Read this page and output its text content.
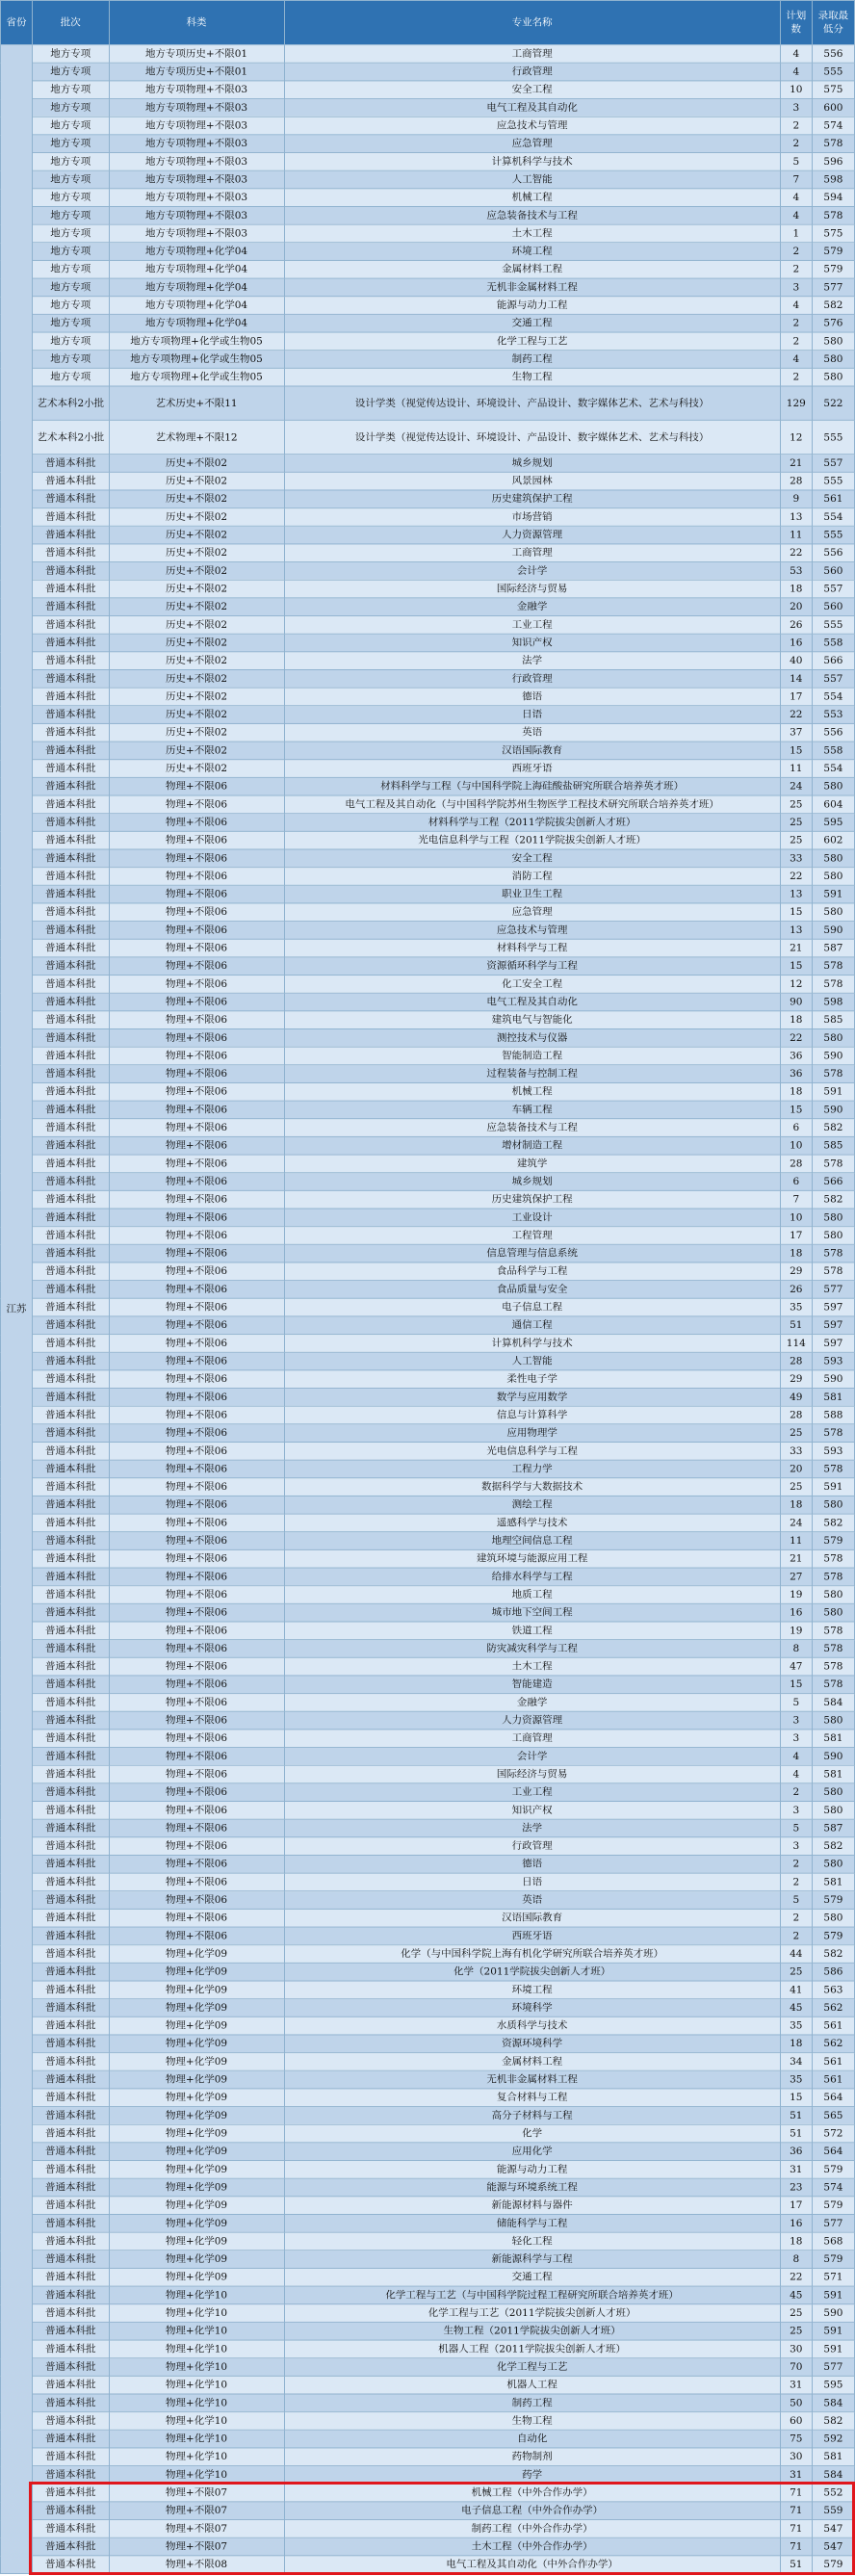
省份	批次	科类	专业名称	计划数	录取最低分
江苏	地方专项	地方专项历史+不限01	工商管理	4	556
	地方专项	地方专项历史+不限01	行政管理	4	555
	地方专项	地方专项物理+不限03	安全工程	10	575
	地方专项	地方专项物理+不限03	电气工程及其自动化	3	600
	地方专项	地方专项物理+不限03	应急技术与管理	2	574
	地方专项	地方专项物理+不限03	应急管理	2	578
	地方专项	地方专项物理+不限03	计算机科学与技术	5	596
	地方专项	地方专项物理+不限03	人工智能	7	598
	地方专项	地方专项物理+不限03	机械工程	4	594
	地方专项	地方专项物理+不限03	应急装备技术与工程	4	578
	地方专项	地方专项物理+不限03	土木工程	1	575
	地方专项	地方专项物理+化学04	环境工程	2	579
	地方专项	地方专项物理+化学04	金属材料工程	2	579
	地方专项	地方专项物理+化学04	无机非金属材料工程	3	577
	地方专项	地方专项物理+化学04	能源与动力工程	4	582
	地方专项	地方专项物理+化学04	交通工程	2	576
	地方专项	地方专项物理+化学或生物05	化学工程与工艺	2	580
	地方专项	地方专项物理+化学或生物05	制药工程	4	580
	地方专项	地方专项物理+化学或生物05	生物工程	2	580
	艺术本科2小批	艺术历史+不限11	设计学类（视觉传达设计、环境设计、产品设计、数字媒体艺术、艺术与科技）	129	522
	艺术本科2小批	艺术物理+不限12	设计学类（视觉传达设计、环境设计、产品设计、数字媒体艺术、艺术与科技）	12	555
	普通本科批	历史+不限02	城乡规划	21	557
	普通本科批	历史+不限02	风景园林	28	555
	普通本科批	历史+不限02	历史建筑保护工程	9	561
	普通本科批	历史+不限02	市场营销	13	554
	普通本科批	历史+不限02	人力资源管理	11	555
	普通本科批	历史+不限02	工商管理	22	556
	普通本科批	历史+不限02	会计学	53	560
	普通本科批	历史+不限02	国际经济与贸易	18	557
	普通本科批	历史+不限02	金融学	20	560
	普通本科批	历史+不限02	工业工程	26	555
	普通本科批	历史+不限02	知识产权	16	558
	普通本科批	历史+不限02	法学	40	566
	普通本科批	历史+不限02	行政管理	14	557
	普通本科批	历史+不限02	德语	17	554
	普通本科批	历史+不限02	日语	22	553
	普通本科批	历史+不限02	英语	37	556
	普通本科批	历史+不限02	汉语国际教育	15	558
	普通本科批	历史+不限02	西班牙语	11	554
	普通本科批	物理+不限06	材料科学与工程（与中国科学院上海硅酸盐研究所联合培养英才班）	24	580
	普通本科批	物理+不限06	电气工程及其自动化（与中国科学院苏州生物医学工程技术研究所联合培养英才班）	25	604
	普通本科批	物理+不限06	材料科学与工程（2011学院拔尖创新人才班）	25	595
	普通本科批	物理+不限06	光电信息科学与工程（2011学院拔尖创新人才班）	25	602
	普通本科批	物理+不限06	安全工程	33	580
	普通本科批	物理+不限06	消防工程	22	580
	普通本科批	物理+不限06	职业卫生工程	13	591
	普通本科批	物理+不限06	应急管理	15	580
	普通本科批	物理+不限06	应急技术与管理	13	590
	普通本科批	物理+不限06	材料科学与工程	21	587
	普通本科批	物理+不限06	资源循环科学与工程	15	578
	普通本科批	物理+不限06	化工安全工程	12	578
	普通本科批	物理+不限06	电气工程及其自动化	90	598
	普通本科批	物理+不限06	建筑电气与智能化	18	585
	普通本科批	物理+不限06	测控技术与仪器	22	580
	普通本科批	物理+不限06	智能制造工程	36	590
	普通本科批	物理+不限06	过程装备与控制工程	36	578
	普通本科批	物理+不限06	机械工程	18	591
	普通本科批	物理+不限06	车辆工程	15	590
	普通本科批	物理+不限06	应急装备技术与工程	6	582
	普通本科批	物理+不限06	增材制造工程	10	585
	普通本科批	物理+不限06	建筑学	28	578
	普通本科批	物理+不限06	城乡规划	6	566
	普通本科批	物理+不限06	历史建筑保护工程	7	582
	普通本科批	物理+不限06	工业设计	10	580
	普通本科批	物理+不限06	工程管理	17	580
	普通本科批	物理+不限06	信息管理与信息系统	18	578
	普通本科批	物理+不限06	食品科学与工程	29	578
	普通本科批	物理+不限06	食品质量与安全	26	577
	普通本科批	物理+不限06	电子信息工程	35	597
	普通本科批	物理+不限06	通信工程	51	597
	普通本科批	物理+不限06	计算机科学与技术	114	597
	普通本科批	物理+不限06	人工智能	28	593
	普通本科批	物理+不限06	柔性电子学	29	590
	普通本科批	物理+不限06	数学与应用数学	49	581
	普通本科批	物理+不限06	信息与计算科学	28	588
	普通本科批	物理+不限06	应用物理学	25	578
	普通本科批	物理+不限06	光电信息科学与工程	33	593
	普通本科批	物理+不限06	工程力学	20	578
	普通本科批	物理+不限06	数据科学与大数据技术	25	591
	普通本科批	物理+不限06	测绘工程	18	580
	普通本科批	物理+不限06	遥感科学与技术	24	582
	普通本科批	物理+不限06	地理空间信息工程	11	579
	普通本科批	物理+不限06	建筑环境与能源应用工程	21	578
	普通本科批	物理+不限06	给排水科学与工程	27	578
	普通本科批	物理+不限06	地质工程	19	580
	普通本科批	物理+不限06	城市地下空间工程	16	580
	普通本科批	物理+不限06	铁道工程	19	578
	普通本科批	物理+不限06	防灾减灾科学与工程	8	578
	普通本科批	物理+不限06	土木工程	47	578
	普通本科批	物理+不限06	智能建造	15	578
	普通本科批	物理+不限06	金融学	5	584
	普通本科批	物理+不限06	人力资源管理	3	580
	普通本科批	物理+不限06	工商管理	3	581
	普通本科批	物理+不限06	会计学	4	590
	普通本科批	物理+不限06	国际经济与贸易	4	581
	普通本科批	物理+不限06	工业工程	2	580
	普通本科批	物理+不限06	知识产权	3	580
	普通本科批	物理+不限06	法学	5	587
	普通本科批	物理+不限06	行政管理	3	582
	普通本科批	物理+不限06	德语	2	580
	普通本科批	物理+不限06	日语	2	581
	普通本科批	物理+不限06	英语	5	579
	普通本科批	物理+不限06	汉语国际教育	2	580
	普通本科批	物理+不限06	西班牙语	2	579
	普通本科批	物理+化学09	化学（与中国科学院上海有机化学研究所联合培养英才班）	44	582
	普通本科批	物理+化学09	化学（2011学院拔尖创新人才班）	25	586
	普通本科批	物理+化学09	环境工程	41	563
	普通本科批	物理+化学09	环境科学	45	562
	普通本科批	物理+化学09	水质科学与技术	35	561
	普通本科批	物理+化学09	资源环境科学	18	562
	普通本科批	物理+化学09	金属材料工程	34	561
	普通本科批	物理+化学09	无机非金属材料工程	35	561
	普通本科批	物理+化学09	复合材料与工程	15	564
	普通本科批	物理+化学09	高分子材料与工程	51	565
	普通本科批	物理+化学09	化学	51	572
	普通本科批	物理+化学09	应用化学	36	564
	普通本科批	物理+化学09	能源与动力工程	31	579
	普通本科批	物理+化学09	能源与环境系统工程	23	574
	普通本科批	物理+化学09	新能源材料与器件	17	579
	普通本科批	物理+化学09	储能科学与工程	16	577
	普通本科批	物理+化学09	轻化工程	18	568
	普通本科批	物理+化学09	新能源科学与工程	8	579
	普通本科批	物理+化学09	交通工程	22	571
	普通本科批	物理+化学10	化学工程与工艺（与中国科学院过程工程研究所联合培养英才班）	45	591
	普通本科批	物理+化学10	化学工程与工艺（2011学院拔尖创新人才班）	25	590
	普通本科批	物理+化学10	生物工程（2011学院拔尖创新人才班）	25	591
	普通本科批	物理+化学10	机器人工程（2011学院拔尖创新人才班）	30	591
	普通本科批	物理+化学10	化学工程与工艺	70	577
	普通本科批	物理+化学10	机器人工程	31	595
	普通本科批	物理+化学10	制药工程	50	584
	普通本科批	物理+化学10	生物工程	60	582
	普通本科批	物理+化学10	自动化	75	592
	普通本科批	物理+化学10	药物制剂	30	581
	普通本科批	物理+化学10	药学	31	584
	普通本科批	物理+不限07	机械工程（中外合作办学）	71	552
	普通本科批	物理+不限07	电子信息工程（中外合作办学）	71	559
	普通本科批	物理+不限07	制药工程（中外合作办学）	71	547
	普通本科批	物理+不限07	土木工程（中外合作办学）	71	547
	普通本科批	物理+不限08	电气工程及其自动化（中外合作办学）	51	579
